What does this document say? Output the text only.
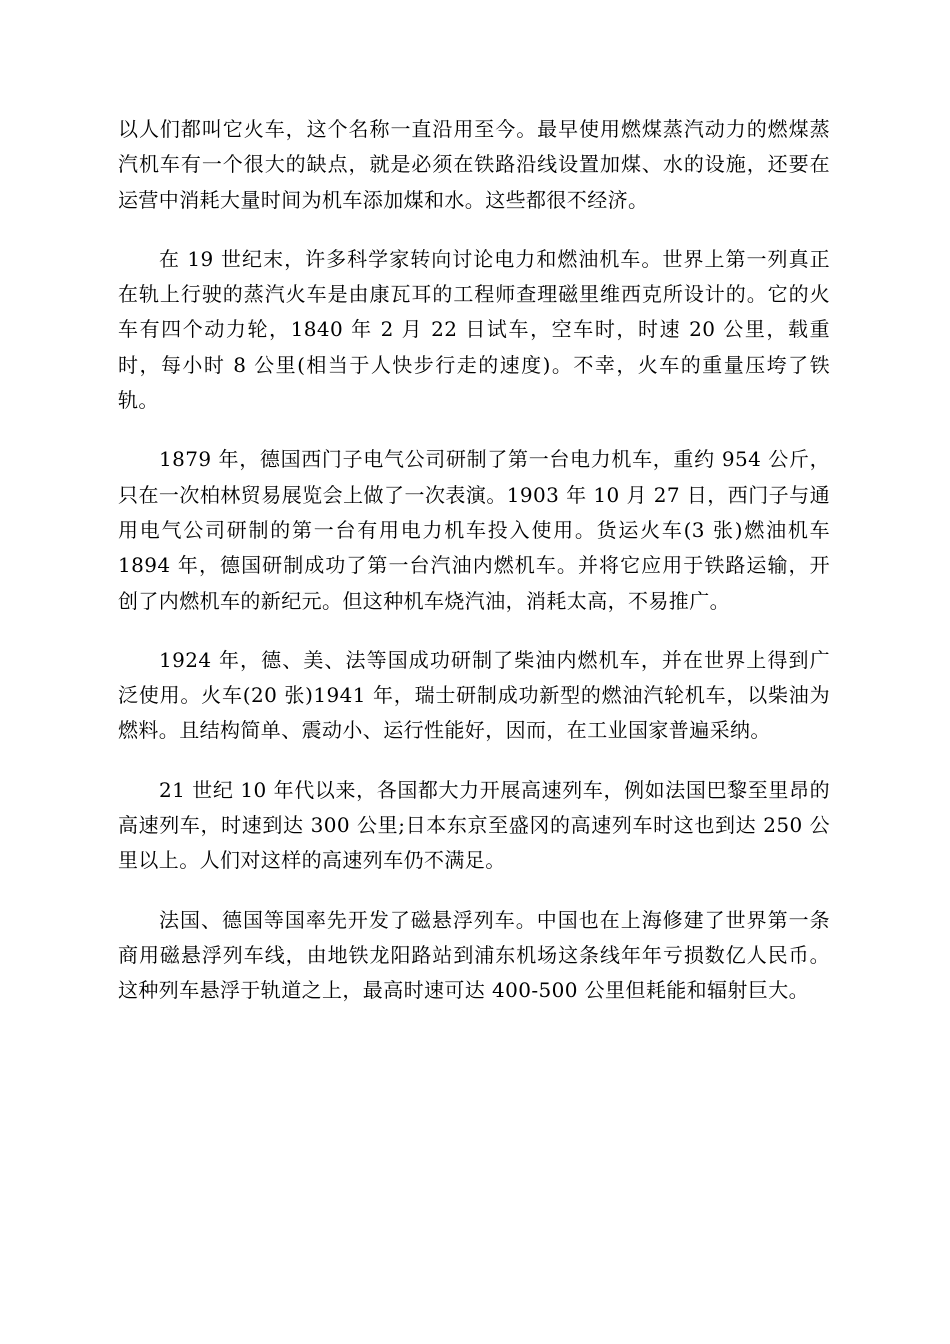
以人们都叫它火车，这个名称一直沿用至今。最早使用燃煤蒸汽动力的燃煤蒸汽机车有一个很大的缺点，就是必须在铁路沿线设置加煤、水的设施，还要在运营中消耗大量时间为机车添加煤和水。这些都很不经济。

在 19 世纪末，许多科学家转向讨论电力和燃油机车。世界上第一列真正在轨上行驶的蒸汽火车是由康瓦耳的工程师查理磁里维西克所设计的。它的火车有四个动力轮，1840 年 2 月 22 日试车，空车时，时速 20 公里，载重时，每小时 8 公里(相当于人快步行走的速度)。不幸，火车的重量压垮了铁轨。

1879 年，德国西门子电气公司研制了第一台电力机车，重约 954 公斤，只在一次柏林贸易展览会上做了一次表演。1903 年 10 月 27 日，西门子与通用电气公司研制的第一台有用电力机车投入使用。货运火车(3 张)燃油机车 1894 年，德国研制成功了第一台汽油内燃机车。并将它应用于铁路运输，开创了内燃机车的新纪元。但这种机车烧汽油，消耗太高，不易推广。

1924 年，德、美、法等国成功研制了柴油内燃机车，并在世界上得到广泛使用。火车(20 张)1941 年，瑞士研制成功新型的燃油汽轮机车，以柴油为燃料。且结构简单、震动小、运行性能好，因而，在工业国家普遍采纳。

21 世纪 10 年代以来，各国都大力开展高速列车，例如法国巴黎至里昂的高速列车，时速到达 300 公里;日本东京至盛冈的高速列车时这也到达 250 公里以上。人们对这样的高速列车仍不满足。

法国、德国等国率先开发了磁悬浮列车。中国也在上海修建了世界第一条商用磁悬浮列车线，由地铁龙阳路站到浦东机场这条线年年亏损数亿人民币。这种列车悬浮于轨道之上，最高时速可达 400-500 公里但耗能和辐射巨大。
